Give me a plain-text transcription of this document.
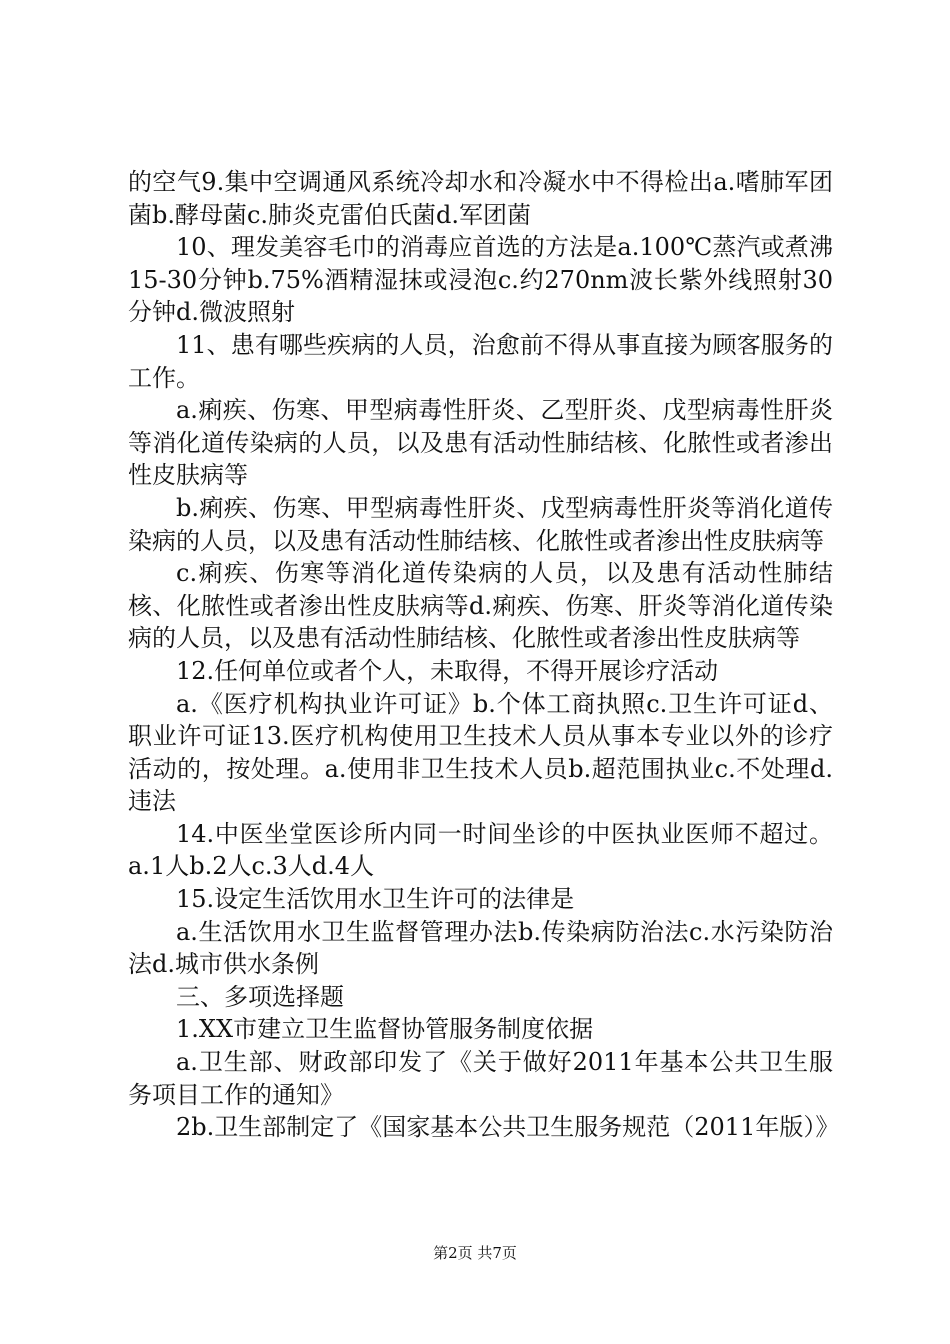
的空气9.集中空调通风系统冷却水和冷凝水中不得检出a.嗜肺军团菌b.酵母菌c.肺炎克雷伯氏菌d.军团菌

10、理发美容毛巾的消毒应首选的方法是a.100℃蒸汽或煮沸15-30分钟b.75%酒精湿抹或浸泡c.约270nm波长紫外线照射30分钟d.微波照射

11、患有哪些疾病的人员，治愈前不得从事直接为顾客服务的工作。

a.痢疾、伤寒、甲型病毒性肝炎、乙型肝炎、戊型病毒性肝炎等消化道传染病的人员，以及患有活动性肺结核、化脓性或者渗出性皮肤病等

b.痢疾、伤寒、甲型病毒性肝炎、戊型病毒性肝炎等消化道传染病的人员，以及患有活动性肺结核、化脓性或者渗出性皮肤病等

c.痢疾、伤寒等消化道传染病的人员，以及患有活动性肺结核、化脓性或者渗出性皮肤病等d.痢疾、伤寒、肝炎等消化道传染病的人员，以及患有活动性肺结核、化脓性或者渗出性皮肤病等

12.任何单位或者个人，未取得，不得开展诊疗活动

a.《医疗机构执业许可证》b.个体工商执照c.卫生许可证d、职业许可证13.医疗机构使用卫生技术人员从事本专业以外的诊疗活动的，按处理。a.使用非卫生技术人员b.超范围执业c.不处理d.违法

14.中医坐堂医诊所内同一时间坐诊的中医执业医师不超过。a.1人b.2人c.3人d.4人

15.设定生活饮用水卫生许可的法律是

a.生活饮用水卫生监督管理办法b.传染病防治法c.水污染防治法d.城市供水条例

三、多项选择题

1.XX市建立卫生监督协管服务制度依据

a.卫生部、财政部印发了《关于做好2011年基本公共卫生服务项目工作的通知》

2b.卫生部制定了《国家基本公共卫生服务规范（2011年版）》

第2页 共7页
